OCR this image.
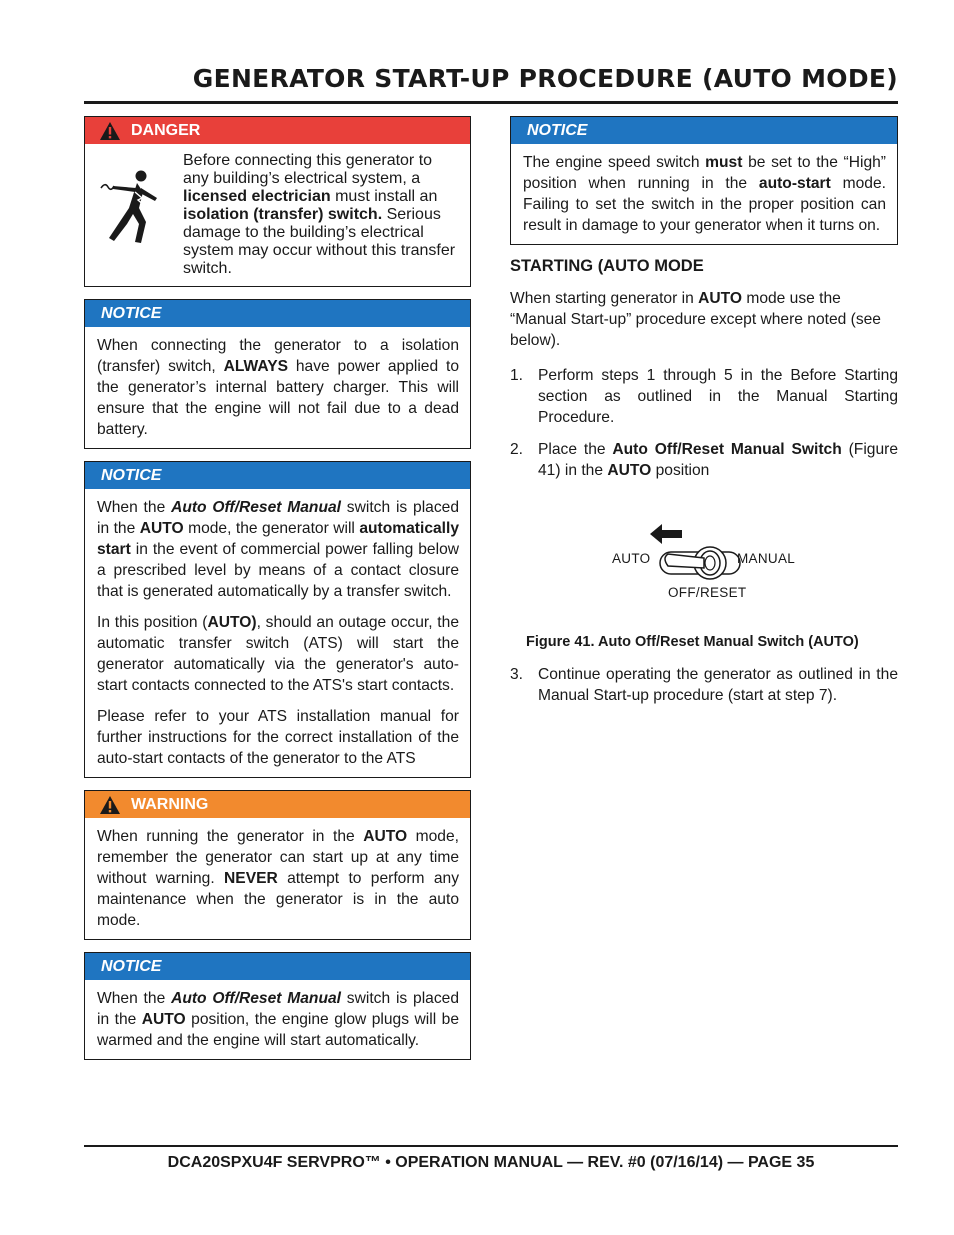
GENERATOR START-UP PROCEDURE (AUTO MODE)
DANGER

Before connecting this generator to any building’s electrical system, a licensed electrician must install an isolation (transfer) switch. Serious damage to the building’s electrical system may occur without this transfer switch.

NOTICE

When connecting the generator to a isolation (transfer) switch, ALWAYS have power applied to the generator’s internal battery charger. This will ensure that the engine will not fail due to a dead battery.

NOTICE

When the Auto Off/Reset Manual switch is placed in the AUTO mode, the generator will automatically start in the event of commercial power falling below a prescribed level by means of a contact closure that is generated automatically by a transfer switch.

In this position (AUTO), should an outage occur, the automatic transfer switch (ATS) will start the generator automatically via the generator's auto-start contacts connected to the ATS's start contacts.

Please refer to your ATS installation manual for further instructions for the correct installation of the auto-start contacts of the generator to the ATS

WARNING

When running the generator in the AUTO mode, remember the generator can start up at any time without warning. NEVER attempt to perform any maintenance when the generator is in the auto mode.

NOTICE

When the Auto Off/Reset Manual switch is placed in the AUTO position, the engine glow plugs will be warmed and the engine will start automatically.

NOTICE

The engine speed switch must be set to the “High” position when running in the auto-start mode. Failing to set the switch in the proper position can result in damage to your generator when it turns on.

STARTING (AUTO MODE

When starting generator in AUTO mode use the “Manual Start-up” procedure except where noted (see below).

1. Perform steps 1 through 5 in the Before Starting section as outlined in the Manual Starting Procedure.
2. Place the Auto Off/Reset Manual Switch (Figure 41) in the AUTO position
AUTO	MANUAL
OFF/RESET
Figure 41. Auto Off/Reset Manual Switch (AUTO)
3. Continue operating the generator as outlined in the Manual Start-up procedure (start at step 7).
DCA20SPXU4F SERVPRO™ • OPERATION MANUAL — REV. #0 (07/16/14) — PAGE 35
